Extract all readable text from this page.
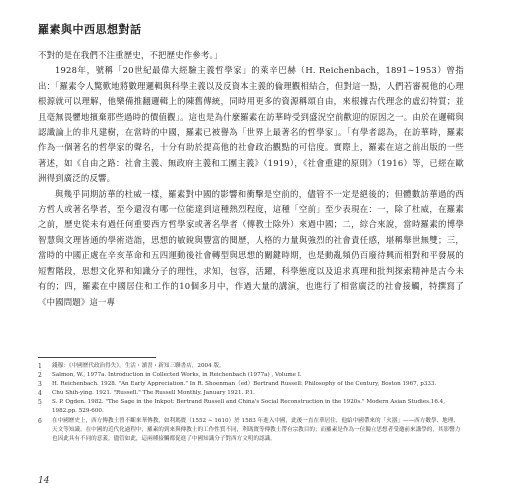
羅素與中西思想對話

不對的是在我們不注重歷史，不把歷史作參考。」

1928年，號稱「20世紀最偉大經驗主義哲學家」的萊辛巴赫（H. Reichenbach，1891∼1953）曾指出：「羅素令人驚歎地將數理邏輯與科學主義以及反資本主義的倫理觀相結合，但對這一點，人們若審視他的心理根源就可以理解，他樂備推翻邏輯上的陳舊傳統，同時用更多的資源稱頌自由，來根據古代理念的虛幻特質；並且毫無畏懼地擯棄那些過時的價值觀」。這也是為什麼羅素在訪華時受到盛況空前歡迎的原因之一。由於在邏輯與認識論上的非凡建樹，在當時的中國，羅素已被譽為「世界上最著名的哲學家」。「有學者認為，在訪華時，羅素作為一個著名的哲學家的聲名，十分有助於提高他的社會政治觀點的可信度。實際上，羅素在這之前出版的一些著述，如《自由之路：社會主義、無政府主義和工團主義》（1919），《社會重建的原則》（1916）等，已經在歐洲得到廣泛的反響。

與幾乎同期訪華的杜威一樣，羅素對中國的影響和衝擊是空前的，儘管不一定是絕後的；但體數訪華過的西方哲人或著名學者，至今還沒有哪一位能達到這種熱烈程度，這種「空前」至少表現在：一，除了杜威，在羅素之前，歷史從未有過任何重要西方哲學家或著名學者（傳教士除外）來過中國；二，綜合來說，當時羅素的博學智慧與文理皆通的學術造詣，思想的敏銳與豐富的閱歷，人格的力量與強烈的社會責任感，堪稱舉世無雙；三，當時的中國正處在辛亥革命和五四運動後社會轉型與思想的關鍵時期，也是動亂頻仍百廢待興而相對和平發展的短暫階段，思想文化界和知識分子的理性，求知，包容，活躍，科學態度以及追求真理和批判探索精神是古今未有的；四，羅素在中國居住和工作的10個多月中，作過大量的講演，也進行了相當廣泛的社會接觸，特撰寫了《中國問題》這一專

1	錢穆：《中國歷代政治得失》，生活・讀書・新知三聯書店，2004 版。
2	Salmon, W., 1977a. Introduction in Collected Works, in Reichenbach (1977a) , Volume I.
3	H. Reichenbach. 1928. "An Early Appreciation." In R. Shoenman（ed）Bertrand Russell: Philosophy of the Century, Boston 1967, p333.
4	Chu Shih-ying. 1921. "Russell." The Russell Monthly. January 1921. P.1.
5	S. P. Ogden. 1982. "The Sage in the Inkpot: Bertrand Russell and China's Social Reconstruction in the 1920s." Modern Asian Studies.16.4, 1982.pp. 529-600.
6	在中國歷史上，西方傳教士曾不斷來華傳教，如利瑪竇（1552 ∼ 1610）於 1583 年進入中國，此後一直在華居住，他給中國帶來的「火器」——西方數學、地理、天文等知識。在中國的近代化過程中，羅素的到來與傳教士的工作性質不同，利瑪竇等傳教士帶有宗教目的；而羅素是作為一位獨立思想者受邀前來講學的，其影響力也因此具有不同的意義。儘管如此，這兩種接觸都促進了中國知識分子對西方文明的認識。
14
